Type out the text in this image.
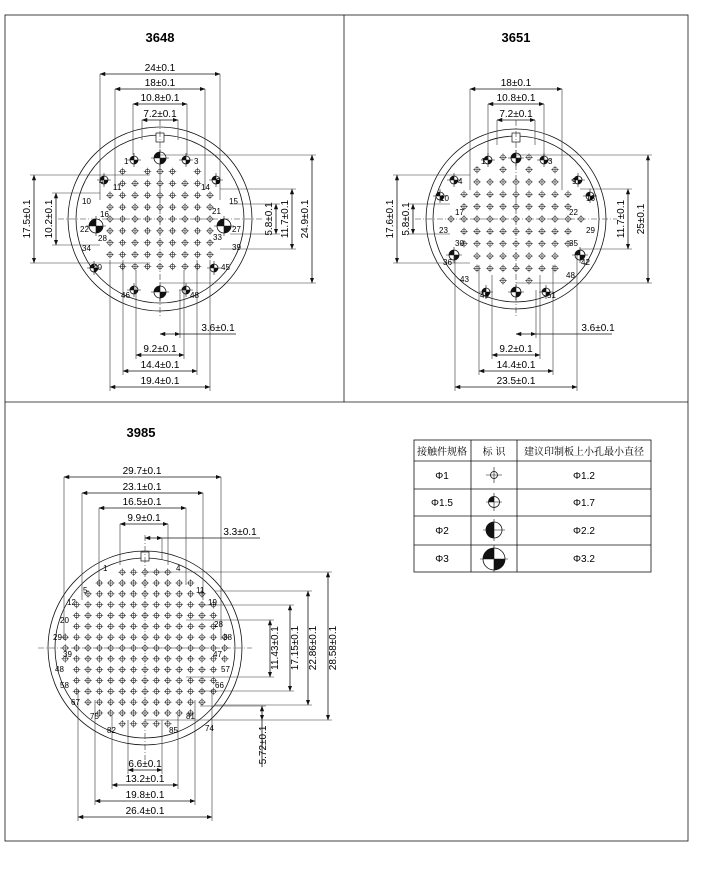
3648
24±0.1
18±0.1
10.8±0.1
7.2±0.1
17.5±0.1 10.2±0.1	5.8±0.1 11.7±0.1 24.9±0.1
3.6±0.1
9.2±0.1
14.4±0.1
19.4±0.1
1	3
4	9
11	14
10	15
16	21
22	27
28	33
34	39
40	45
46	48
3651
18±0.1
10.8±0.1
7.2±0.1
17.6±0.1 5.8±0.1	11.7±0.1 25±0.1
3.6±0.1
9.2±0.1
14.4±0.1
23.5±0.1
1	3
4	9
10	16
17	22
23	29
30	35
36	42
43	48
49	51
3985
29.7±0.1
23.1±0.1
16.5±0.1
9.9±0.1
3.3±0.1
11.43±0.1 17.15±0.1 22.86±0.1 28.58±0.1
5.72±0.1
6.6±0.1
13.2±0.1
19.8±0.1
26.4±0.1
1	4
5	11
12	19
20	28
29	38
39	47
48	57
58	66
67
74
75	81
82	85
接触件规格 标 识 建议印制板上小孔最小直径
Φ1	Φ1.2
Φ1.5	Φ1.7
Φ2	Φ2.2
Φ3	Φ3.2
